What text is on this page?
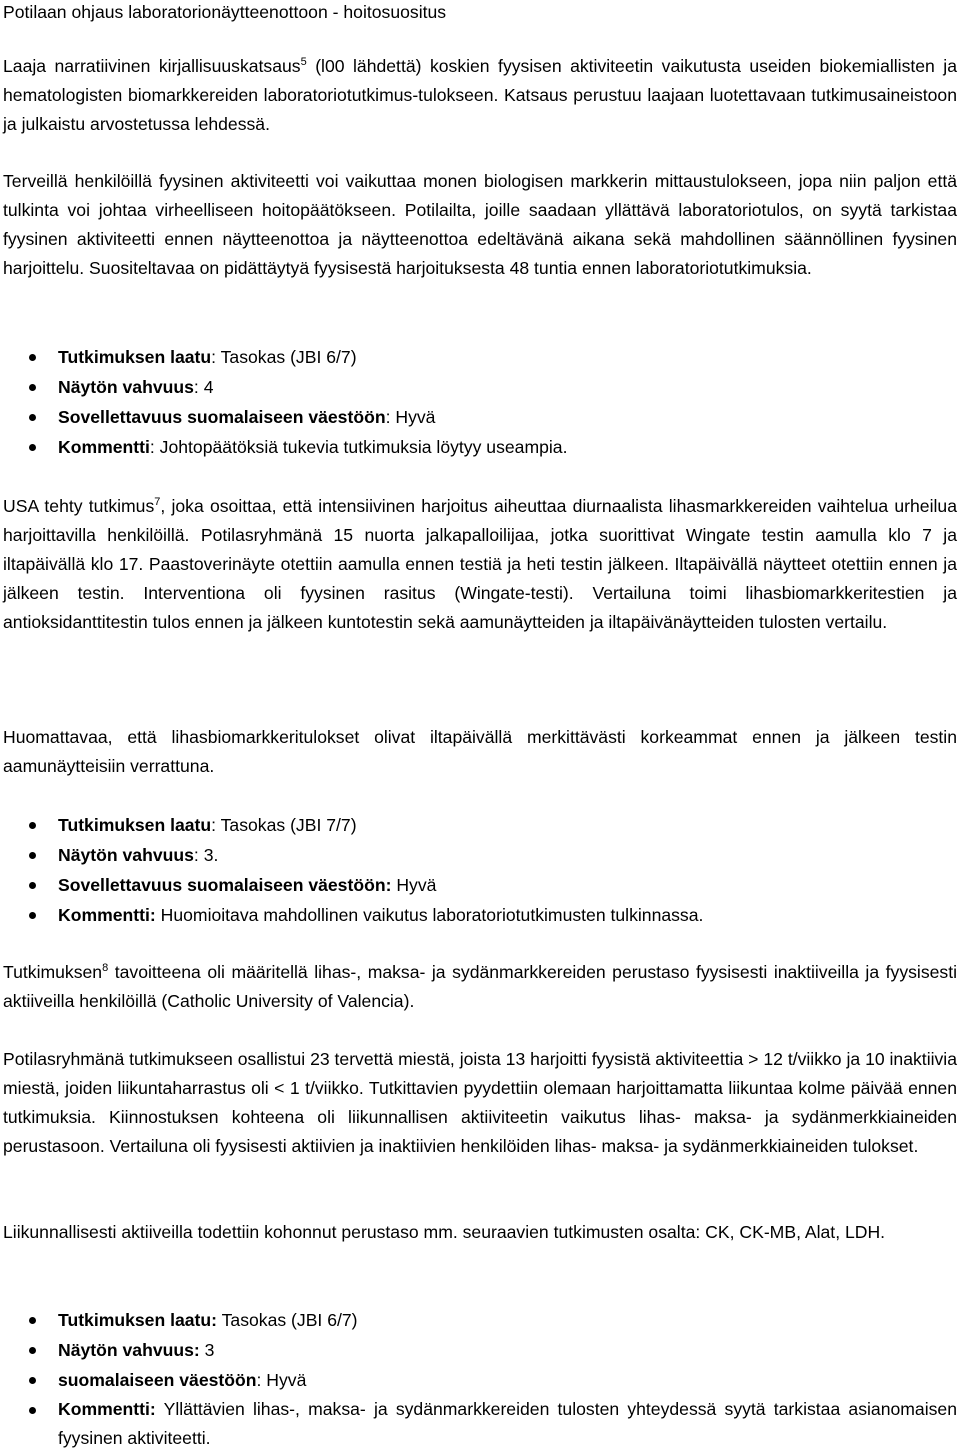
Potilaan ohjaus laboratorionäytteenottoon - hoitosuositus

Laaja narratiivinen kirjallisuuskatsaus$^5$ (l00 lähdettä) koskien fyysisen aktiviteetin vaikutusta useiden biokemiallisten ja hematologisten biomarkkereiden laboratoriotutkimus-tulokseen. Katsaus perustuu laajaan luotettavaan tutkimusaineistoon ja julkaistu arvostetussa lehdessä.

Terveillä henkilöillä fyysinen aktiviteetti voi vaikuttaa monen biologisen markkerin mittaustulokseen, jopa niin paljon että tulkinta voi johtaa virheelliseen hoitopäätökseen. Potilailta, joille saadaan yllättävä laboratoriotulos, on syytä tarkistaa fyysinen aktiviteetti ennen näytteenottoa ja näytteenottoa edeltävänä aikana sekä mahdollinen säännöllinen fyysinen harjoittelu. Suositeltavaa on pidättäytyä fyysisestä harjoituksesta 48 tuntia ennen laboratoriotutkimuksia.

Tutkimuksen laatu: Tasokas (JBI 6/7)
Näytön vahvuus: 4
Sovellettavuus suomalaiseen väestöön: Hyvä
Kommentti: Johtopäätöksiä tukevia tutkimuksia löytyy useampia.

USA tehty tutkimus$^7$, joka osoittaa, että intensiivinen harjoitus aiheuttaa diurnaalista lihasmarkkereiden vaihtelua urheilua harjoittavilla henkilöillä. Potilasryhmänä 15 nuorta jalkapalloilijaa, jotka suorittivat Wingate testin aamulla klo 7 ja iltapäivällä klo 17. Paastoverinäyte otettiin aamulla ennen testiä ja heti testin jälkeen. Iltapäivällä näytteet otettiin ennen ja jälkeen testin. Interventiona oli fyysinen rasitus (Wingate-testi). Vertailuna toimi lihasbiomarkkeritestien ja antioksidanttitestin tulos ennen ja jälkeen kuntotestin sekä aamunäytteiden ja iltapäivänäytteiden tulosten vertailu.

Huomattavaa, että lihasbiomarkkeritulokset olivat iltapäivällä merkittävästi korkeammat ennen ja jälkeen testin aamunäytteisiin verrattuna.

Tutkimuksen laatu: Tasokas (JBI 7/7)
Näytön vahvuus: 3.
Sovellettavuus suomalaiseen väestöön: Hyvä
Kommentti: Huomioitava mahdollinen vaikutus laboratoriotutkimusten tulkinnassa.

Tutkimuksen$^8$ tavoitteena oli määritellä lihas-, maksa- ja sydänmarkkereiden perustaso fyysisesti inaktiiveilla ja fyysisesti aktiiveilla henkilöillä (Catholic University of Valencia).

Potilasryhmänä tutkimukseen osallistui 23 tervettä miestä, joista 13 harjoitti fyysistä aktiviteettia > 12 t/viikko ja 10 inaktiivia miestä, joiden liikuntaharrastus oli < 1 t/viikko. Tutkittavien pyydettiin olemaan harjoittamatta liikuntaa kolme päivää ennen tutkimuksia. Kiinnostuksen kohteena oli liikunnallisen aktiiviteetin vaikutus lihas- maksa- ja sydänmerkkiaineiden perustasoon. Vertailuna oli fyysisesti aktiivien ja inaktiivien henkilöiden lihas- maksa- ja sydänmerkkiaineiden tulokset.

Liikunnallisesti aktiiveilla todettiin kohonnut perustaso mm. seuraavien tutkimusten osalta: CK, CK-MB, Alat, LDH.

Tutkimuksen laatu: Tasokas (JBI 6/7)
Näytön vahvuus: 3
suomalaiseen väestöön: Hyvä
Kommentti: Yllättävien lihas-, maksa- ja sydänmarkkereiden tulosten yhteydessä syytä tarkistaa asianomaisen fyysinen aktiviteetti.
